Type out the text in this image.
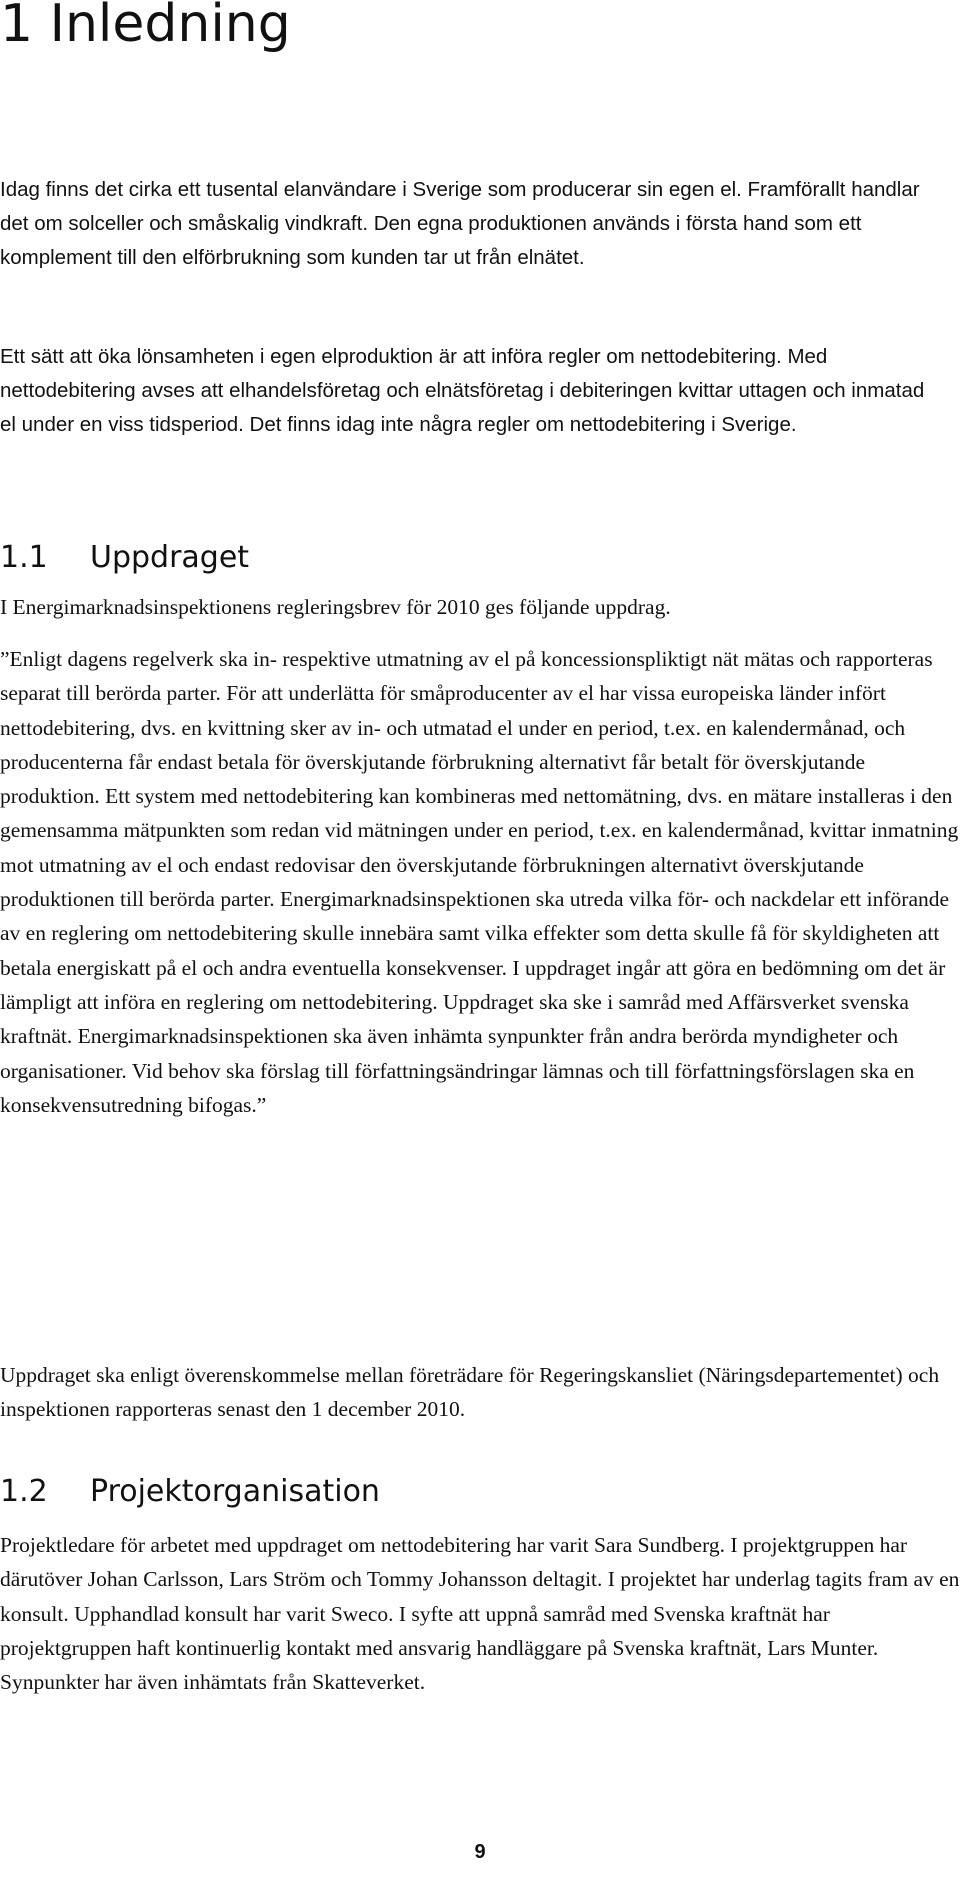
1 Inledning

Idag finns det cirka ett tusental elanvändare i Sverige som producerar sin egen el. Framförallt handlar det om solceller och småskalig vindkraft. Den egna produktionen används i första hand som ett komplement till den elförbrukning som kunden tar ut från elnätet.

Ett sätt att öka lönsamheten i egen elproduktion är att införa regler om nettodebitering. Med nettodebitering avses att elhandelsföretag och elnätsföretag i debiteringen kvittar uttagen och inmatad el under en viss tidsperiod. Det finns idag inte några regler om nettodebitering i Sverige.

1.1 Uppdraget

I Energimarknadsinspektionens regleringsbrev för 2010 ges följande uppdrag.

”Enligt dagens regelverk ska in- respektive utmatning av el på koncessionspliktigt nät mätas och rapporteras separat till berörda parter. För att underlätta för småproducenter av el har vissa europeiska länder infört nettodebitering, dvs. en kvittning sker av in- och utmatad el under en period, t.ex. en kalendermånad, och producenterna får endast betala för överskjutande förbrukning alternativt får betalt för överskjutande produktion. Ett system med nettodebitering kan kombineras med nettomätning, dvs. en mätare installeras i den gemensamma mätpunkten som redan vid mätningen under en period, t.ex. en kalendermånad, kvittar inmatning mot utmatning av el och endast redovisar den överskjutande förbrukningen alternativt överskjutande produktionen till berörda parter. Energimarknadsinspektionen ska utreda vilka för- och nackdelar ett införande av en reglering om nettodebitering skulle innebära samt vilka effekter som detta skulle få för skyldigheten att betala energiskatt på el och andra eventuella konsekvenser. I uppdraget ingår att göra en bedömning om det är lämpligt att införa en reglering om nettodebitering. Uppdraget ska ske i samråd med Affärsverket svenska kraftnät. Energimarknadsinspektionen ska även inhämta synpunkter från andra berörda myndigheter och organisationer. Vid behov ska förslag till författningsändringar lämnas och till författningsförslagen ska en konsekvensutredning bifogas.”

Uppdraget ska enligt överenskommelse mellan företrädare för Regeringskansliet (Näringsdepartementet) och inspektionen rapporteras senast den 1 december 2010.

1.2 Projektorganisation

Projektledare för arbetet med uppdraget om nettodebitering har varit Sara Sundberg. I projektgruppen har därutöver Johan Carlsson, Lars Ström och Tommy Johansson deltagit. I projektet har underlag tagits fram av en konsult. Upphandlad konsult har varit Sweco. I syfte att uppnå samråd med Svenska kraftnät har projektgruppen haft kontinuerlig kontakt med ansvarig handläggare på Svenska kraftnät, Lars Munter. Synpunkter har även inhämtats från Skatteverket.

9
